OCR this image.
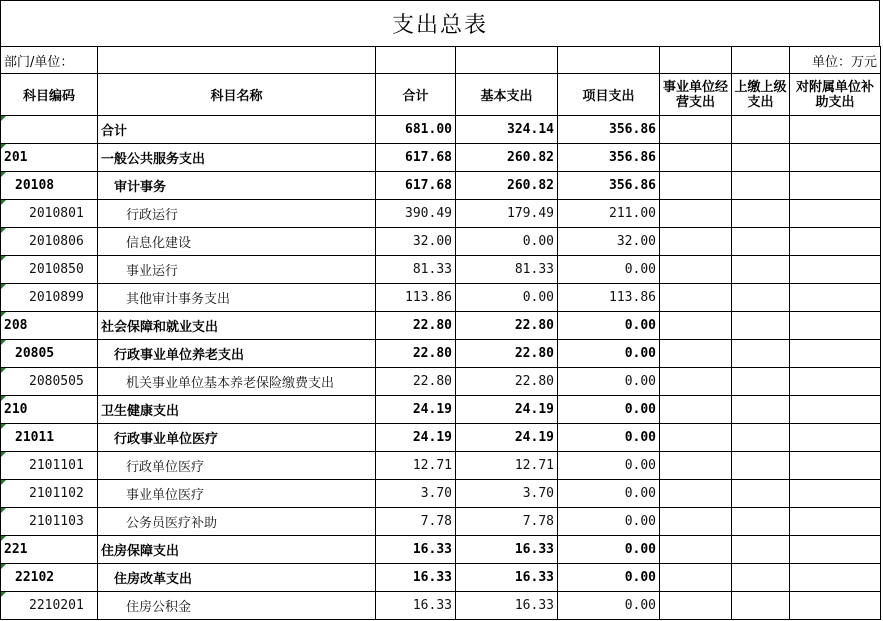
支出总表
部门/单位：							单位：万元
科目编码	科目名称	合计	基本支出	项目支出	事业单位经营支出	上缴上级支出	对附属单位补助支出
	合计	681.00	324.14	356.86			
201	一般公共服务支出	617.68	260.82	356.86			
20108	审计事务	617.68	260.82	356.86			
2010801	行政运行	390.49	179.49	211.00			
2010806	信息化建设	32.00	0.00	32.00			
2010850	事业运行	81.33	81.33	0.00			
2010899	其他审计事务支出	113.86	0.00	113.86			
208	社会保障和就业支出	22.80	22.80	0.00			
20805	行政事业单位养老支出	22.80	22.80	0.00			
2080505	机关事业单位基本养老保险缴费支出	22.80	22.80	0.00			
210	卫生健康支出	24.19	24.19	0.00			
21011	行政事业单位医疗	24.19	24.19	0.00			
2101101	行政单位医疗	12.71	12.71	0.00			
2101102	事业单位医疗	3.70	3.70	0.00			
2101103	公务员医疗补助	7.78	7.78	0.00			
221	住房保障支出	16.33	16.33	0.00			
22102	住房改革支出	16.33	16.33	0.00			
2210201	住房公积金	16.33	16.33	0.00			
